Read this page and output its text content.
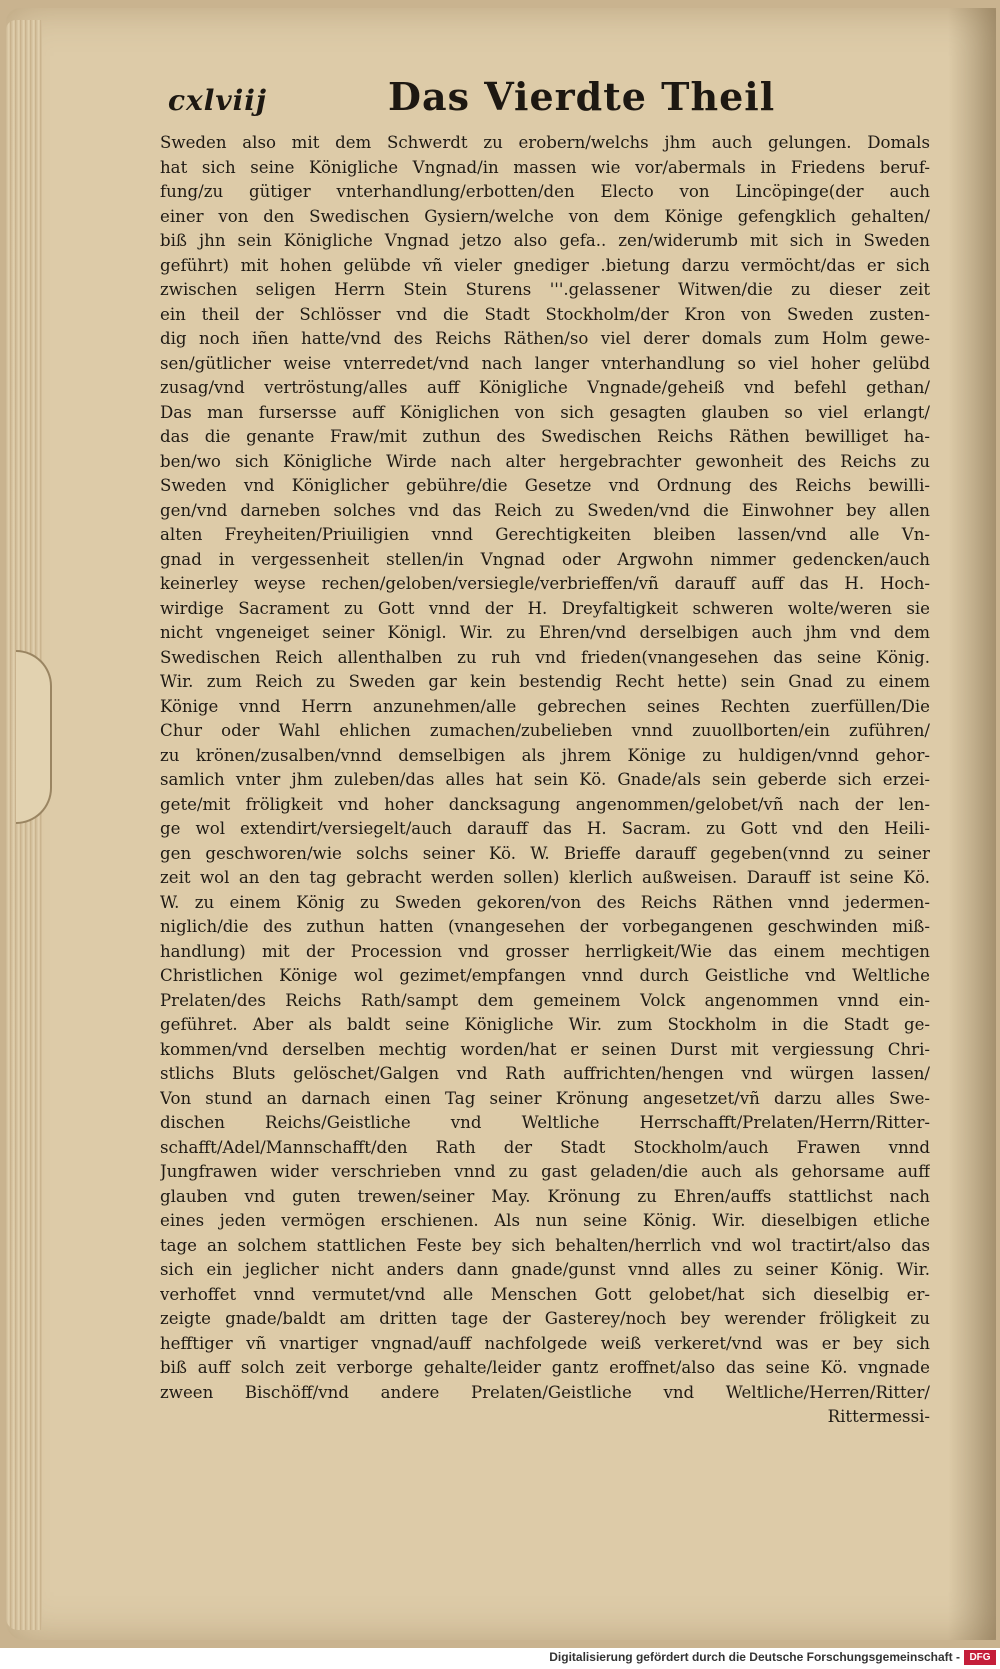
cxlviij	Das Vierdte Theil
Sweden also mit dem Schwerdt zu erobern/welchs jhm auch gelungen. Domals
hat sich seine Königliche Vngnad/in massen wie vor/abermals in Friedens beruf-
fung/zu gütiger vnterhandlung/erbotten/den Electo von Lincöpinge(der auch
einer von den Swedischen Gysiern/welche von dem Könige gefengklich gehalten/
biß jhn sein Königliche Vngnad jetzo also gefa.. zen/widerumb mit sich in Sweden
geführt) mit hohen gelübde vñ vieler gnediger .bietung darzu vermöcht/das er sich
zwischen seligen Herrn Stein Sturens '''.gelassener Witwen/die zu dieser zeit
ein theil der Schlösser vnd die Stadt Stockholm/der Kron von Sweden zusten-
dig noch iñen hatte/vnd des Reichs Räthen/so viel derer domals zum Holm gewe-
sen/gütlicher weise vnterredet/vnd nach langer vnterhandlung so viel hoher gelübd
zusag/vnd vertröstung/alles auff Königliche Vngnade/geheiß vnd befehl gethan/
Das man fursersse auff Königlichen von sich gesagten glauben so viel erlangt/
das die genante Fraw/mit zuthun des Swedischen Reichs Räthen bewilliget ha-
ben/wo sich Königliche Wirde nach alter hergebrachter gewonheit des Reichs zu
Sweden vnd Königlicher gebühre/die Gesetze vnd Ordnung des Reichs bewilli-
gen/vnd darneben solches vnd das Reich zu Sweden/vnd die Einwohner bey allen
alten Freyheiten/Priuiligien vnnd Gerechtigkeiten bleiben lassen/vnd alle Vn-
gnad in vergessenheit stellen/in Vngnad oder Argwohn nimmer gedencken/auch
keinerley weyse rechen/geloben/versiegle/verbrieffen/vñ darauff auff das H. Hoch-
wirdige Sacrament zu Gott vnnd der H. Dreyfaltigkeit schweren wolte/weren sie
nicht vngeneiget seiner Königl. Wir. zu Ehren/vnd derselbigen auch jhm vnd dem
Swedischen Reich allenthalben zu ruh vnd frieden(vnangesehen das seine König.
Wir. zum Reich zu Sweden gar kein bestendig Recht hette) sein Gnad zu einem
Könige vnnd Herrn anzunehmen/alle gebrechen seines Rechten zuerfüllen/Die
Chur oder Wahl ehlichen zumachen/zubelieben vnnd zuuollborten/ein zuführen/
zu krönen/zusalben/vnnd demselbigen als jhrem Könige zu huldigen/vnnd gehor-
samlich vnter jhm zuleben/das alles hat sein Kö. Gnade/als sein geberde sich erzei-
gete/mit fröligkeit vnd hoher dancksagung angenommen/gelobet/vñ nach der len-
ge wol extendirt/versiegelt/auch darauff das H. Sacram. zu Gott vnd den Heili-
gen geschworen/wie solchs seiner Kö. W. Brieffe darauff gegeben(vnnd zu seiner
zeit wol an den tag gebracht werden sollen) klerlich außweisen. Darauff ist seine Kö.
W. zu einem König zu Sweden gekoren/von des Reichs Räthen vnnd jedermen-
niglich/die des zuthun hatten (vnangesehen der vorbegangenen geschwinden miß-
handlung) mit der Procession vnd grosser herrligkeit/Wie das einem mechtigen
Christlichen Könige wol gezimet/empfangen vnnd durch Geistliche vnd Weltliche
Prelaten/des Reichs Rath/sampt dem gemeinem Volck angenommen vnnd ein-
geführet. Aber als baldt seine Königliche Wir. zum Stockholm in die Stadt ge-
kommen/vnd derselben mechtig worden/hat er seinen Durst mit vergiessung Chri-
stlichs Bluts gelöschet/Galgen vnd Rath auffrichten/hengen vnd würgen lassen/
Von stund an darnach einen Tag seiner Krönung angesetzet/vñ darzu alles Swe-
dischen Reichs/Geistliche vnd Weltliche Herrschafft/Prelaten/Herrn/Ritter-
schafft/Adel/Mannschafft/den Rath der Stadt Stockholm/auch Frawen vnnd
Jungfrawen wider verschrieben vnnd zu gast geladen/die auch als gehorsame auff
glauben vnd guten trewen/seiner May. Krönung zu Ehren/auffs stattlichst nach
eines jeden vermögen erschienen. Als nun seine König. Wir. dieselbigen etliche
tage an solchem stattlichen Feste bey sich behalten/herrlich vnd wol tractirt/also das
sich ein jeglicher nicht anders dann gnade/gunst vnnd alles zu seiner König. Wir.
verhoffet vnnd vermutet/vnd alle Menschen Gott gelobet/hat sich dieselbig er-
zeigte gnade/baldt am dritten tage der Gasterey/noch bey werender fröligkeit zu
hefftiger vñ vnartiger vngnad/auff nachfolgede weiß verkeret/vnd was er bey sich
biß auff solch zeit verborge gehalte/leider gantz eroffnet/also das seine Kö. vngnade
zween Bischöff/vnd andere Prelaten/Geistliche vnd Weltliche/Herren/Ritter/
Rittermessi-
Digitalisierung gefördert durch die Deutsche Forschungsgemeinschaft - DFG
